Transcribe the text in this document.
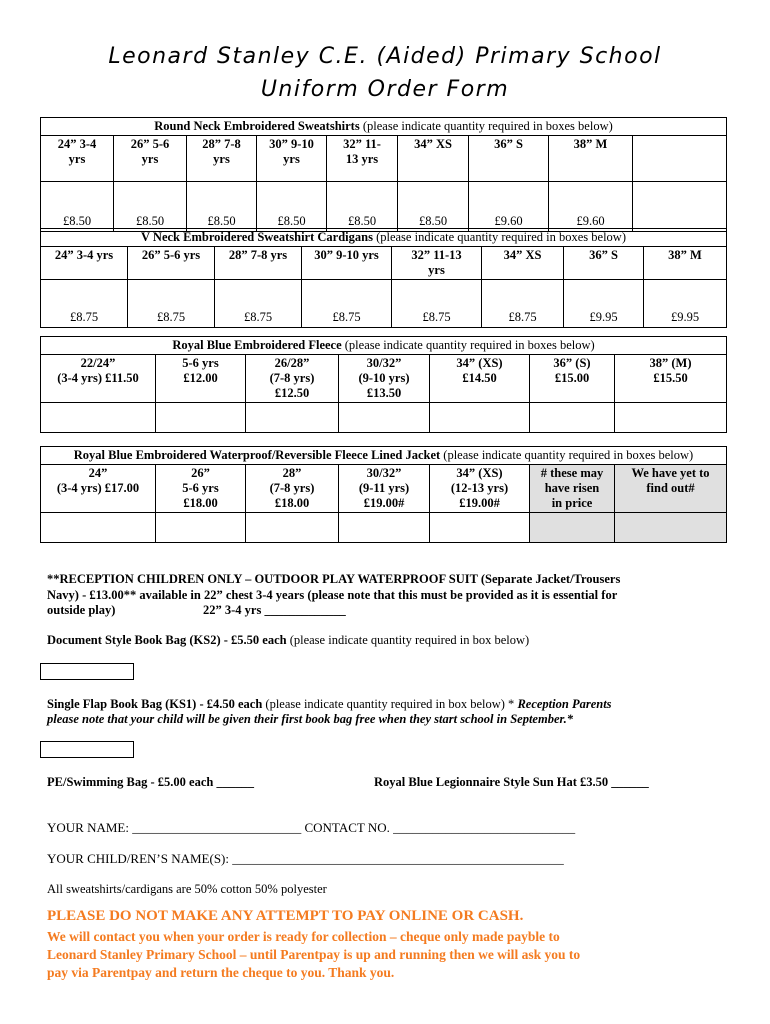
Leonard Stanley C.E. (Aided) Primary School
Uniform Order Form
Round Neck Embroidered Sweatshirts (please indicate quantity required in boxes below)								
24” 3-4
yrs	26” 5-6
yrs	28” 7-8
yrs	30” 9-10
yrs	32” 11-
13 yrs	34” XS	36” S	38” M

£8.50	£8.50	£8.50	£8.50	£8.50	£8.50	£9.60	£9.60	
V Neck Embroidered Sweatshirt Cardigans (please indicate quantity required in boxes below)							
24” 3-4 yrs	26” 5-6 yrs	28” 7-8 yrs	30” 9-10 yrs	32” 11-13
yrs	34” XS	36” S	38” M

£8.75	£8.75	£8.75	£8.75	£8.75	£8.75	£9.95	£9.95
Royal Blue Embroidered Fleece (please indicate quantity required in boxes below)						
22/24”
(3-4 yrs) £11.50	5-6 yrs
£12.00	26/28”
(7-8 yrs)
£12.50	30/32”
(9-10 yrs)
£13.50	34” (XS)
£14.50	36” (S)
£15.00	38” (M)
£15.50

Royal Blue Embroidered Waterproof/Reversible Fleece Lined Jacket (please indicate quantity required in boxes below)						
24”
(3-4 yrs) £17.00	26”
5-6 yrs
£18.00	28”
(7-8 yrs)
£18.00	30/32”
(9-11 yrs)
£19.00#	34” (XS)
(12-13 yrs)
£19.00#	# these may
have risen
in price	We have yet to
find out#

**RECEPTION CHILDREN ONLY – OUTDOOR PLAY WATERPROOF SUIT (Separate Jacket/Trousers
Navy) - £13.00** available in 22” chest 3-4 years (please note that this must be provided as it is essential for
outside play)	22” 3-4 yrs _____________
Document Style Book Bag (KS2) - £5.50 each (please indicate quantity required in box below)
Single Flap Book Bag (KS1) - £4.50 each (please indicate quantity required in box below) * Reception Parents
please note that your child will be given their first book bag free when they start school in September.*
PE/Swimming Bag - £5.00 each ______	Royal Blue Legionnaire Style Sun Hat £3.50 ______
YOUR NAME: __________________________ CONTACT NO. ____________________________
YOUR CHILD/REN’S NAME(S): ___________________________________________________
All sweatshirts/cardigans are 50% cotton 50% polyester
PLEASE DO NOT MAKE ANY ATTEMPT TO PAY ONLINE OR CASH.
We will contact you when your order is ready for collection – cheque only made payble to
Leonard Stanley Primary School – until Parentpay is up and running then we will ask you to
pay via Parentpay and return the cheque to you. Thank you.
